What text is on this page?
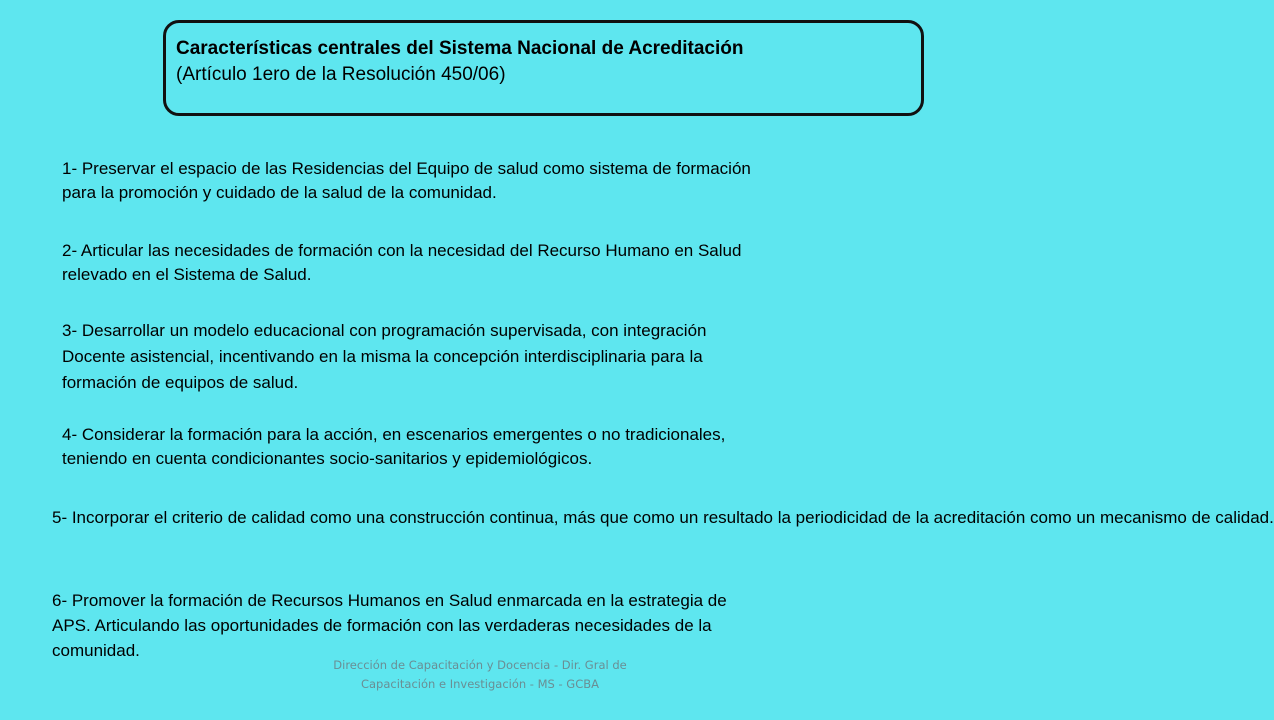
Características centrales del Sistema Nacional de Acreditación
(Artículo 1ero de la Resolución 450/06)
1- Preservar el espacio de las Residencias del Equipo de salud como sistema de formación
para la promoción y cuidado de la salud de la comunidad.
2- Articular las necesidades de formación con la necesidad del Recurso Humano en Salud
relevado en el Sistema de Salud.
3- Desarrollar un modelo educacional con programación supervisada, con integración
Docente asistencial, incentivando en la misma la concepción interdisciplinaria para la
formación de equipos de salud.
4- Considerar la formación para la acción, en escenarios emergentes o no tradicionales,
teniendo en cuenta condicionantes socio-sanitarios y epidemiológicos.
5- Incorporar el criterio de calidad como una construcción continua, más que como un resultado la periodicidad de la acreditación como un mecanismo de calidad.
6- Promover la formación de Recursos Humanos en Salud enmarcada en la estrategia de
APS. Articulando las oportunidades de formación con las verdaderas necesidades de la
comunidad.
Dirección de Capacitación y Docencia - Dir. Gral de Capacitación e Investigación - MS - GCBA
